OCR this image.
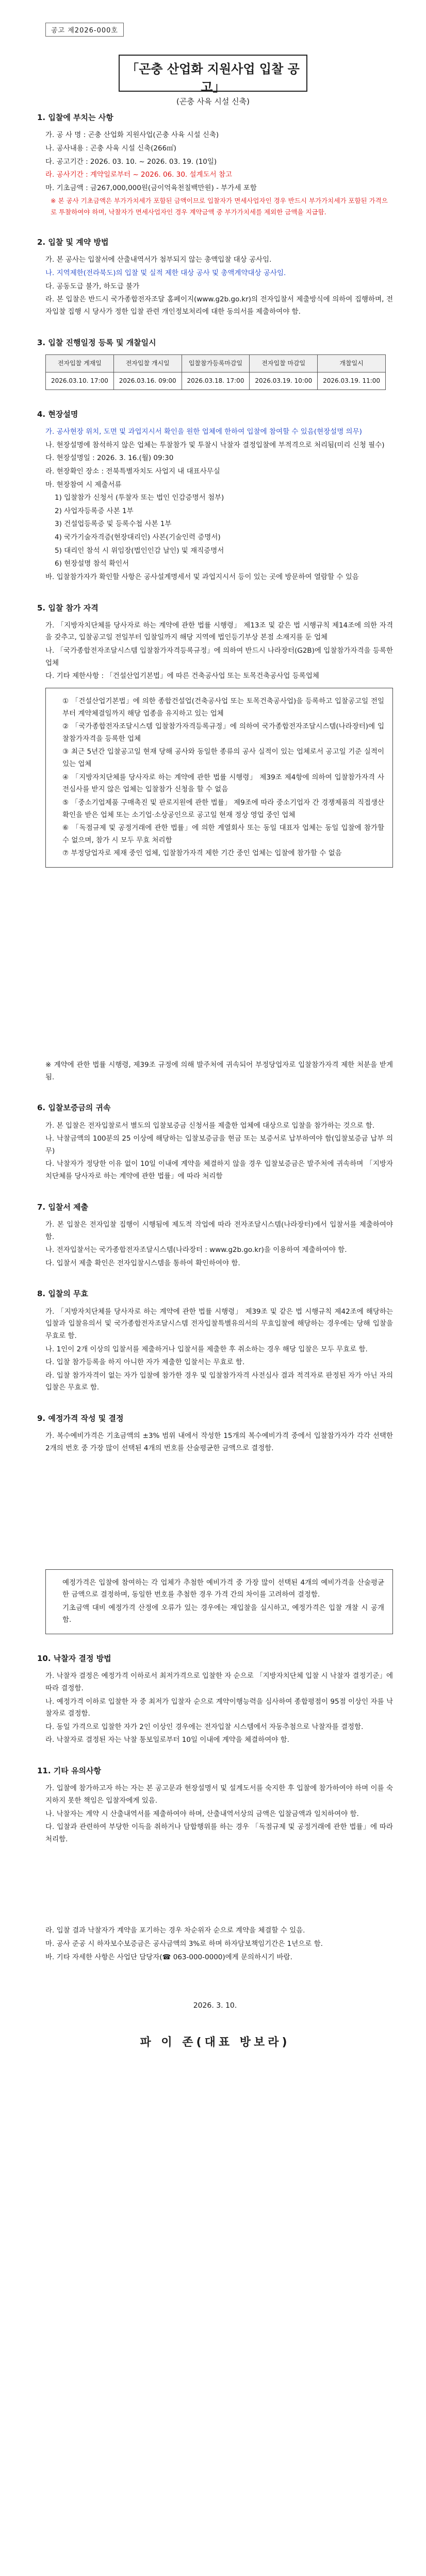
공고 제2026-000호
「곤충 산업화 지원사업 입찰 공고」
(곤충 사육 시설 신축)
1. 입찰에 부치는 사항
가. 공 사 명 : 곤충 산업화 지원사업(곤충 사육 시설 신축)
나. 공사내용 : 곤충 사육 시설 신축(266㎡)
다. 공고기간 : 2026. 03. 10. ~ 2026. 03. 19. (10일)
라. 공사기간 : 계약일로부터 ~ 2026. 06. 30. 설계도서 참고
마. 기초금액 : 금267,000,000원(금이억육천칠백만원) - 부가세 포함
※ 본 공사 기초금액은 부가가치세가 포함된 금액이므로 입찰자가 면세사업자인 경우 반드시 부가가치세가 포함된 가격으로 투찰하여야 하며, 낙찰자가 면세사업자인 경우 계약금액 중 부가가치세를 제외한 금액을 지급함.
2. 입찰 및 계약 방법
가. 본 공사는 입찰서에 산출내역서가 첨부되지 않는 총액입찰 대상 공사임.
나. 지역제한(전라북도)의 입찰 및 실적 제한 대상 공사 및 총액계약대상 공사임.
다. 공동도급 불가, 하도급 불가
라. 본 입찰은 반드시 국가종합전자조달 홈페이지(www.g2b.go.kr)의 전자입찰서 제출방식에 의하여 집행하며, 전자입찰 집행 시 당사가 정한 입찰 관련 개인정보처리에 대한 동의서를 제출하여야 함.
3. 입찰 진행일정 등록 및 개찰일시
전자입찰 게재일	전자입찰 개시일	입찰참가등록마감일	전자입찰 마감일	개찰일시
2026.03.10. 17:00	2026.03.16. 09:00	2026.03.18. 17:00	2026.03.19. 10:00	2026.03.19. 11:00
4. 현장설명
가. 공사현장 위치, 도면 및 과업지시서 확인을 원한 업체에 한하여 입찰에 참여할 수 있음(현장설명 의무)
나. 현장설명에 참석하지 않은 업체는 투찰참가 및 투찰시 낙찰자 결정입찰에 부적격으로 처리됨(미리 신청 필수)
다. 현장설명일 : 2026. 3. 16.(월) 09:30
라. 현장확인 장소 : 전북특별자치도 사업지 내 대표사무실
마. 현장참여 시 제출서류
1) 입찰참가 신청서 (투찰자 또는 법인 인감증명서 첨부)
2) 사업자등록증 사본 1부
3) 건설업등록증 및 등록수첩 사본 1부
4) 국가기술자격증(현장대리인) 사본(기술인력 증명서)
5) 대리인 참석 시 위임장(법인인감 날인) 및 재직증명서
6) 현장설명 참석 확인서
바. 입찰참가자가 확인할 사항은 공사설계명세서 및 과업지시서 등이 있는 곳에 방문하여 열람할 수 있음
5. 입찰 참가 자격
가. 「지방자치단체를 당사자로 하는 계약에 관한 법률 시행령」 제13조 및 같은 법 시행규칙 제14조에 의한 자격을 갖추고, 입찰공고일 전일부터 입찰일까지 해당 지역에 법인등기부상 본점 소재지를 둔 업체
나. 「국가종합전자조달시스템 입찰참가자격등록규정」에 의하여 반드시 나라장터(G2B)에 입찰참가자격을 등록한 업체
다. 기타 제한사항 : 「건설산업기본법」에 따른 건축공사업 또는 토목건축공사업 등록업체
① 「건설산업기본법」에 의한 종합건설업(건축공사업 또는 토목건축공사업)을 등록하고 입찰공고일 전일부터 계약체결일까지 해당 업종을 유지하고 있는 업체
② 「국가종합전자조달시스템 입찰참가자격등록규정」에 의하여 국가종합전자조달시스템(나라장터)에 입찰참가자격을 등록한 업체
③ 최근 5년간 입찰공고일 현재 당해 공사와 동일한 종류의 공사 실적이 있는 업체로서 공고일 기준 실적이 있는 업체
④ 「지방자치단체를 당사자로 하는 계약에 관한 법률 시행령」 제39조 제4항에 의하여 입찰참가자격 사전심사를 받지 않은 업체는 입찰참가 신청을 할 수 없음
⑤ 「중소기업제품 구매촉진 및 판로지원에 관한 법률」 제9조에 따라 중소기업자 간 경쟁제품의 직접생산 확인을 받은 업체 또는 소기업·소상공인으로 공고일 현재 정상 영업 중인 업체
⑥ 「독점규제 및 공정거래에 관한 법률」에 의한 계열회사 또는 동일 대표자 업체는 동일 입찰에 참가할 수 없으며, 참가 시 모두 무효 처리함
⑦ 부정당업자로 제재 중인 업체, 입찰참가자격 제한 기간 중인 업체는 입찰에 참가할 수 없음
※ 계약에 관한 법률 시행령, 제39조 규정에 의해 발주처에 귀속되어 부정당업자로 입찰참가자격 제한 처분을 받게 됨.
6. 입찰보증금의 귀속
가. 본 입찰은 전자입찰로서 별도의 입찰보증금 신청서를 제출한 업체에 대상으로 입찰을 참가하는 것으로 함.
나. 낙찰금액의 100분의 25 이상에 해당하는 입찰보증금을 현금 또는 보증서로 납부하여야 함(입찰보증금 납부 의무)
다. 낙찰자가 정당한 이유 없이 10일 이내에 계약을 체결하지 않을 경우 입찰보증금은 발주처에 귀속하며 「지방자치단체를 당사자로 하는 계약에 관한 법률」에 따라 처리함
7. 입찰서 제출
가. 본 입찰은 전자입찰 집행이 시행됨에 제도적 작업에 따라 전자조달시스템(나라장터)에서 입찰서를 제출하여야 함.
나. 전자입찰서는 국가종합전자조달시스템(나라장터 : www.g2b.go.kr)을 이용하여 제출하여야 함.
다. 입찰서 제출 확인은 전자입찰시스템을 통하여 확인하여야 함.
8. 입찰의 무효
가. 「지방자치단체를 당사자로 하는 계약에 관한 법률 시행령」 제39조 및 같은 법 시행규칙 제42조에 해당하는 입찰과 입찰유의서 및 국가종합전자조달시스템 전자입찰특별유의서의 무효입찰에 해당하는 경우에는 당해 입찰을 무효로 함.
나. 1인이 2개 이상의 입찰서를 제출하거나 입찰서를 제출한 후 취소하는 경우 해당 입찰은 모두 무효로 함.
다. 입찰 참가등록을 하지 아니한 자가 제출한 입찰서는 무효로 함.
라. 입찰 참가자격이 없는 자가 입찰에 참가한 경우 및 입찰참가자격 사전심사 결과 적격자로 판정된 자가 아닌 자의 입찰은 무효로 함.
9. 예정가격 작성 및 결정
가. 복수예비가격은 기초금액의 ±3% 범위 내에서 작성한 15개의 복수예비가격 중에서 입찰참가자가 각각 선택한 2개의 번호 중 가장 많이 선택된 4개의 번호를 산술평균한 금액으로 결정함.
예정가격은 입찰에 참여하는 각 업체가 추첨한 예비가격 중 가장 많이 선택된 4개의 예비가격을 산술평균한 금액으로 결정하며, 동일한 번호를 추첨한 경우 가격 간의 차이를 고려하여 결정함.
기초금액 대비 예정가격 산정에 오류가 있는 경우에는 재입찰을 실시하고, 예정가격은 입찰 개찰 시 공개함.
10. 낙찰자 결정 방법
가. 낙찰자 결정은 예정가격 이하로서 최저가격으로 입찰한 자 순으로 「지방자치단체 입찰 시 낙찰자 결정기준」에 따라 결정함.
나. 예정가격 이하로 입찰한 자 중 최저가 입찰자 순으로 계약이행능력을 심사하여 종합평점이 95점 이상인 자를 낙찰자로 결정함.
다. 동일 가격으로 입찰한 자가 2인 이상인 경우에는 전자입찰 시스템에서 자동추첨으로 낙찰자를 결정함.
라. 낙찰자로 결정된 자는 낙찰 통보일로부터 10일 이내에 계약을 체결하여야 함.
11. 기타 유의사항
가. 입찰에 참가하고자 하는 자는 본 공고문과 현장설명서 및 설계도서를 숙지한 후 입찰에 참가하여야 하며 이를 숙지하지 못한 책임은 입찰자에게 있음.
나. 낙찰자는 계약 시 산출내역서를 제출하여야 하며, 산출내역서상의 금액은 입찰금액과 일치하여야 함.
다. 입찰과 관련하여 부당한 이득을 취하거나 담합행위를 하는 경우 「독점규제 및 공정거래에 관한 법률」에 따라 처리함.
라. 입찰 결과 낙찰자가 계약을 포기하는 경우 차순위자 순으로 계약을 체결할 수 있음.
마. 공사 준공 시 하자보수보증금은 공사금액의 3%로 하며 하자담보책임기간은 1년으로 함.
바. 기타 자세한 사항은 사업단 담당자(☎ 063-000-0000)에게 문의하시기 바람.
2026. 3. 10.
파 이 존(대표 방보라)
